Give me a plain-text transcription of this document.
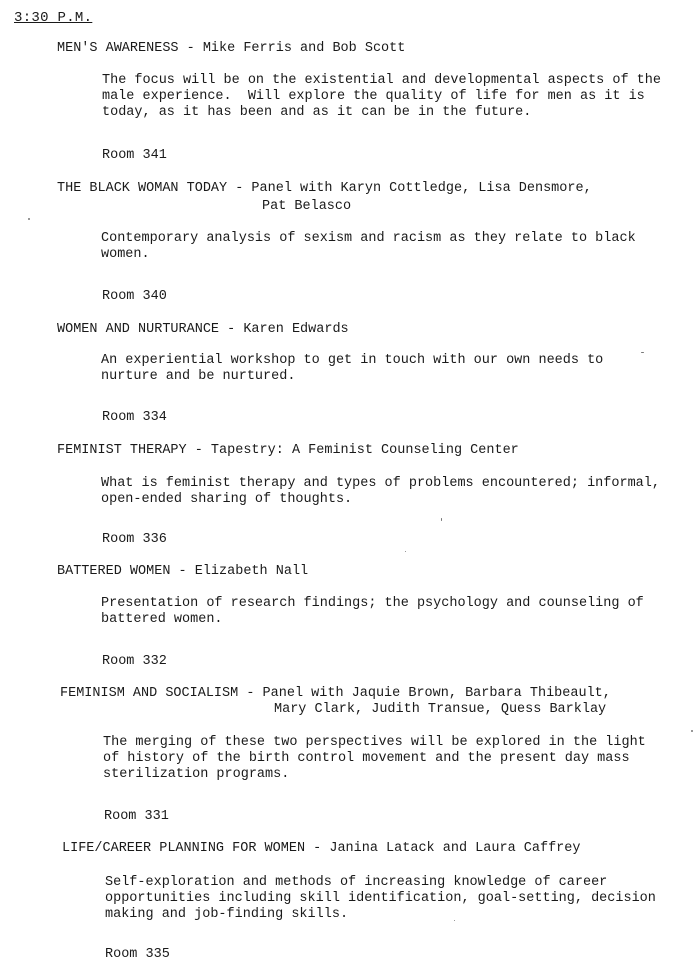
3:30 P.M.
MEN'S AWARENESS - Mike Ferris and Bob Scott
The focus will be on the existential and developmental aspects of the
male experience.  Will explore the quality of life for men as it is
today, as it has been and as it can be in the future.
Room 341
THE BLACK WOMAN TODAY - Panel with Karyn Cottledge, Lisa Densmore,
Pat Belasco
Contemporary analysis of sexism and racism as they relate to black
women.
Room 340
WOMEN AND NURTURANCE - Karen Edwards
An experiential workshop to get in touch with our own needs to
nurture and be nurtured.
Room 334
FEMINIST THERAPY - Tapestry: A Feminist Counseling Center
What is feminist therapy and types of problems encountered; informal,
open-ended sharing of thoughts.
Room 336
BATTERED WOMEN - Elizabeth Nall
Presentation of research findings; the psychology and counseling of
battered women.
Room 332
FEMINISM AND SOCIALISM - Panel with Jaquie Brown, Barbara Thibeault,
Mary Clark, Judith Transue, Quess Barklay
The merging of these two perspectives will be explored in the light
of history of the birth control movement and the present day mass
sterilization programs.
Room 331
LIFE/CAREER PLANNING FOR WOMEN - Janina Latack and Laura Caffrey
Self-exploration and methods of increasing knowledge of career
opportunities including skill identification, goal-setting, decision
making and job-finding skills.
Room 335
